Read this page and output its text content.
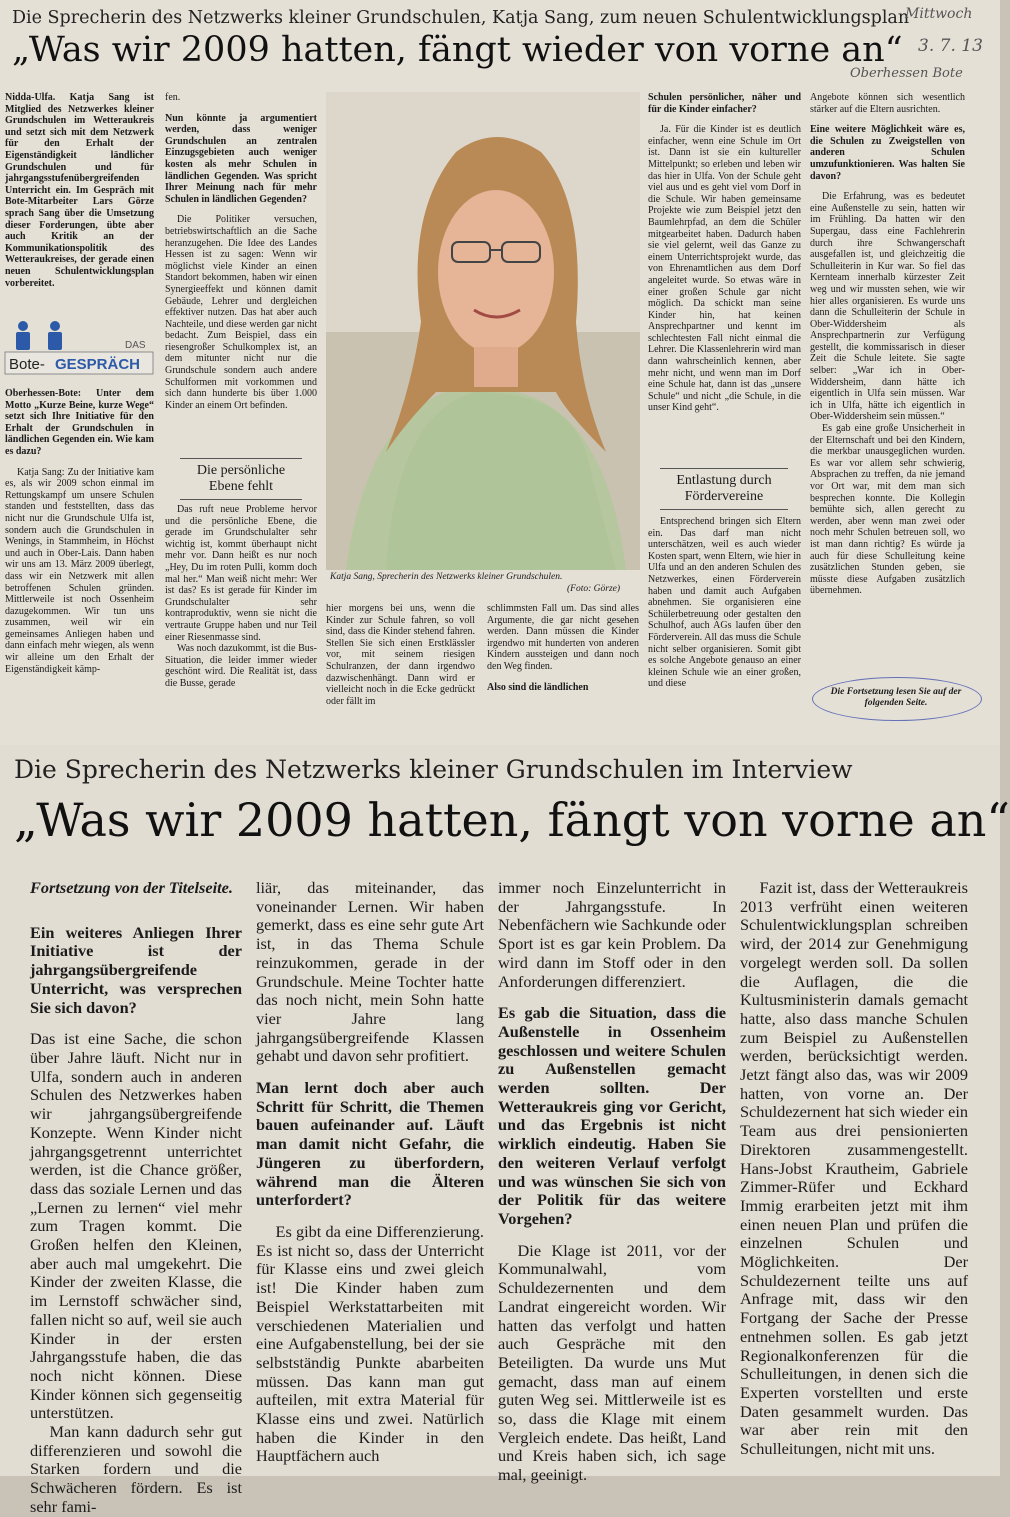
Die Sprecherin des Netzwerks kleiner Grundschulen, Katja Sang, zum neuen Schulentwicklungsplan
„Was wir 2009 hatten, fängt wieder von vorne an“
Mittwoch
3. 7. 13
Oberhessen Bote

Nidda-Ulfa. Katja Sang ist Mitglied des Netzwerkes kleiner Grundschulen im Wetteraukreis und setzt sich mit dem Netzwerk für den Erhalt der Eigenständigkeit ländlicher Grundschulen und für jahrgangsstufenübergreifenden Unterricht ein. Im Gespräch mit Bote-Mitarbeiter Lars Görze sprach Sang über die Umsetzung dieser Forderungen, übte aber auch Kritik an der Kommunikationspolitik des Wetteraukreises, der gerade einen neuen Schulentwicklungsplan vorbereitet.

DAS
Bote- GESPRÄCH

Oberhessen-Bote: Unter dem Motto „Kurze Beine, kurze Wege“ setzt sich Ihre Initiative für den Erhalt der Grundschulen in ländlichen Gegenden ein. Wie kam es dazu?

Katja Sang: Zu der Initiative kam es, als wir 2009 schon einmal im Rettungskampf um unsere Schulen standen und feststellten, dass das nicht nur die Grundschule Ulfa ist, sondern auch die Grundschulen in Wenings, in Stammheim, in Höchst und auch in Ober-Lais. Dann haben wir uns am 13. März 2009 überlegt, dass wir ein Netzwerk mit allen betroffenen Schulen gründen. Mittlerweile ist noch Ossenheim dazugekommen. Wir tun uns zusammen, weil wir ein gemeinsames Anliegen haben und dann einfach mehr wiegen, als wenn wir alleine um den Erhalt der Eigenständigkeit kämp-

fen.

Nun könnte ja argumentiert werden, dass weniger Grundschulen an zentralen Einzugsgebieten auch weniger kosten als mehr Schulen in ländlichen Gegenden. Was spricht Ihrer Meinung nach für mehr Schulen in ländlichen Gegenden?

Die Politiker versuchen, betriebswirtschaftlich an die Sache heranzugehen. Die Idee des Landes Hessen ist zu sagen: Wenn wir möglichst viele Kinder an einen Standort bekommen, haben wir einen Synergieeffekt und können damit Gebäude, Lehrer und dergleichen effektiver nutzen. Das hat aber auch Nachteile, und diese werden gar nicht bedacht. Zum Beispiel, dass ein riesengroßer Schulkomplex ist, an dem mitunter nicht nur die Grundschule sondern auch andere Schulformen mit vorkommen und sich dann hunderte bis über 1.000 Kinder an einem Ort befinden.

Die persönliche Ebene fehlt

Das ruft neue Probleme hervor und die persönliche Ebene, die gerade im Grundschulalter sehr wichtig ist, kommt überhaupt nicht mehr vor. Dann heißt es nur noch „Hey, Du im roten Pulli, komm doch mal her.“ Man weiß nicht mehr: Wer ist das? Es ist gerade für Kinder im Grundschulalter sehr kontraproduktiv, wenn sie nicht die vertraute Gruppe haben und nur Teil einer Riesenmasse sind.

Was noch dazukommt, ist die Bus-Situation, die leider immer wieder geschönt wird. Die Realität ist, dass die Busse, gerade

Katja Sang, Sprecherin des Netzwerks kleiner Grundschulen.
(Foto: Görze)

hier morgens bei uns, wenn die Kinder zur Schule fahren, so voll sind, dass die Kinder stehend fahren. Stellen Sie sich einen Erstklässler vor, mit seinem riesigen Schulranzen, der dann irgendwo dazwischenhängt. Dann wird er vielleicht noch in die Ecke gedrückt oder fällt im

schlimmsten Fall um. Das sind alles Argumente, die gar nicht gesehen werden. Dann müssen die Kinder irgendwo mit hunderten von anderen Kindern aussteigen und dann noch den Weg finden.

Also sind die ländlichen

Schulen persönlicher, näher und für die Kinder einfacher?

Ja. Für die Kinder ist es deutlich einfacher, wenn eine Schule im Ort ist. Dann ist sie ein kultureller Mittelpunkt; so erleben und leben wir das hier in Ulfa. Von der Schule geht viel aus und es geht viel vom Dorf in die Schule. Wir haben gemeinsame Projekte wie zum Beispiel jetzt den Baumlehrpfad, an dem die Schüler mitgearbeitet haben. Dadurch haben sie viel gelernt, weil das Ganze zu einem Unterrichtsprojekt wurde, das von Ehrenamtlichen aus dem Dorf angeleitet wurde. So etwas wäre in einer großen Schule gar nicht möglich. Da schickt man seine Kinder hin, hat keinen Ansprechpartner und kennt im schlechtesten Fall nicht einmal die Lehrer. Die Klassenlehrerin wird man dann wahrscheinlich kennen, aber mehr nicht, und wenn man im Dorf eine Schule hat, dann ist das „unsere Schule“ und nicht „die Schule, in die unser Kind geht“.

Entlastung durch Fördervereine

Entsprechend bringen sich Eltern ein. Das darf man nicht unterschätzen, weil es auch wieder Kosten spart, wenn Eltern, wie hier in Ulfa und an den anderen Schulen des Netzwerkes, einen Förderverein haben und damit auch Aufgaben abnehmen. Sie organisieren eine Schülerbetreuung oder gestalten den Schulhof, auch AGs laufen über den Förderverein. All das muss die Schule nicht selber organisieren. Somit gibt es solche Angebote genauso an einer kleinen Schule wie an einer großen, und diese

Angebote können sich wesentlich stärker auf die Eltern ausrichten.

Eine weitere Möglichkeit wäre es, die Schulen zu Zweigstellen von anderen Schulen umzufunktionieren. Was halten Sie davon?

Die Erfahrung, was es bedeutet eine Außenstelle zu sein, hatten wir im Frühling. Da hatten wir den Supergau, dass eine Fachlehrerin durch ihre Schwangerschaft ausgefallen ist, und gleichzeitig die Schulleiterin in Kur war. So fiel das Kernteam innerhalb kürzester Zeit weg und wir mussten sehen, wie wir hier alles organisieren. Es wurde uns dann die Schulleiterin der Schule in Ober-Widdersheim als Ansprechpartnerin zur Verfügung gestellt, die kommissarisch in dieser Zeit die Schule leitete. Sie sagte selber: „War ich in Ober-Widdersheim, dann hätte ich eigentlich in Ulfa sein müssen. War ich in Ulfa, hätte ich eigentlich in Ober-Widdersheim sein müssen.“

Es gab eine große Unsicherheit in der Elternschaft und bei den Kindern, die merkbar unausgeglichen wurden. Es war vor allem sehr schwierig, Absprachen zu treffen, da nie jemand vor Ort war, mit dem man sich besprechen konnte. Die Kollegin bemühte sich, allen gerecht zu werden, aber wenn man zwei oder noch mehr Schulen betreuen soll, wo ist man dann richtig? Es würde ja auch für diese Schulleitung keine zusätzlichen Stunden geben, sie müsste diese Aufgaben zusätzlich übernehmen.

Die Fortsetzung lesen Sie auf der folgenden Seite.
Die Sprecherin des Netzwerks kleiner Grundschulen im Interview
„Was wir 2009 hatten, fängt von vorne an“

Fortsetzung von der Titelseite.

Ein weiteres Anliegen Ihrer Initiative ist der jahrgangsübergreifende Unterricht, was versprechen Sie sich davon?

Das ist eine Sache, die schon über Jahre läuft. Nicht nur in Ulfa, sondern auch in anderen Schulen des Netzwerkes haben wir jahrgangsübergreifende Konzepte. Wenn Kinder nicht jahrgangsgetrennt unterrichtet werden, ist die Chance größer, dass das soziale Lernen und das „Lernen zu lernen“ viel mehr zum Tragen kommt. Die Großen helfen den Kleinen, aber auch mal umgekehrt. Die Kinder der zweiten Klasse, die im Lernstoff schwächer sind, fallen nicht so auf, weil sie auch Kinder in der ersten Jahrgangsstufe haben, die das noch nicht können. Diese Kinder können sich gegenseitig unterstützen.

Man kann dadurch sehr gut differenzieren und sowohl die Starken fordern und die Schwächeren fördern. Es ist sehr fami-

liär, das miteinander, das voneinander Lernen. Wir haben gemerkt, dass es eine sehr gute Art ist, in das Thema Schule reinzukommen, gerade in der Grundschule. Meine Tochter hatte das noch nicht, mein Sohn hatte vier Jahre lang jahrgangsübergreifende Klassen gehabt und davon sehr profitiert.

Man lernt doch aber auch Schritt für Schritt, die Themen bauen aufeinander auf. Läuft man damit nicht Gefahr, die Jüngeren zu überfordern, während man die Älteren unterfordert?

Es gibt da eine Differenzierung. Es ist nicht so, dass der Unterricht für Klasse eins und zwei gleich ist! Die Kinder haben zum Beispiel Werkstattarbeiten mit verschiedenen Materialien und eine Aufgabenstellung, bei der sie selbstständig Punkte abarbeiten müssen. Das kann man gut aufteilen, mit extra Material für Klasse eins und zwei. Natürlich haben die Kinder in den Hauptfächern auch

immer noch Einzelunterricht in der Jahrgangsstufe. In Nebenfächern wie Sachkunde oder Sport ist es gar kein Problem. Da wird dann im Stoff oder in den Anforderungen differenziert.

Es gab die Situation, dass die Außenstelle in Ossenheim geschlossen und weitere Schulen zu Außenstellen gemacht werden sollten. Der Wetteraukreis ging vor Gericht, und das Ergebnis ist nicht wirklich eindeutig. Haben Sie den weiteren Verlauf verfolgt und was wünschen Sie sich von der Politik für das weitere Vorgehen?

Die Klage ist 2011, vor der Kommunalwahl, vom Schuldezernenten und dem Landrat eingereicht worden. Wir hatten das verfolgt und hatten auch Gespräche mit den Beteiligten. Da wurde uns Mut gemacht, dass man auf einem guten Weg sei. Mittlerweile ist es so, dass die Klage mit einem Vergleich endete. Das heißt, Land und Kreis haben sich, ich sage mal, geeinigt.

Fazit ist, dass der Wetteraukreis 2013 verfrüht einen weiteren Schulentwicklungsplan schreiben wird, der 2014 zur Genehmigung vorgelegt werden soll. Da sollen die Auflagen, die die Kultusministerin damals gemacht hatte, also dass manche Schulen zum Beispiel zu Außenstellen werden, berücksichtigt werden. Jetzt fängt also das, was wir 2009 hatten, von vorne an. Der Schuldezernent hat sich wieder ein Team aus drei pensionierten Direktoren zusammengestellt. Hans-Jobst Krautheim, Gabriele Zimmer-Rüfer und Eckhard Immig erarbeiten jetzt mit ihm einen neuen Plan und prüfen die einzelnen Schulen und Möglichkeiten. Der Schuldezernent teilte uns auf Anfrage mit, dass wir den Fortgang der Sache der Presse entnehmen sollen. Es gab jetzt Regionalkonferenzen für die Schulleitungen, in denen sich die Experten vorstellten und erste Daten gesammelt wurden. Das war aber rein mit den Schulleitungen, nicht mit uns.
